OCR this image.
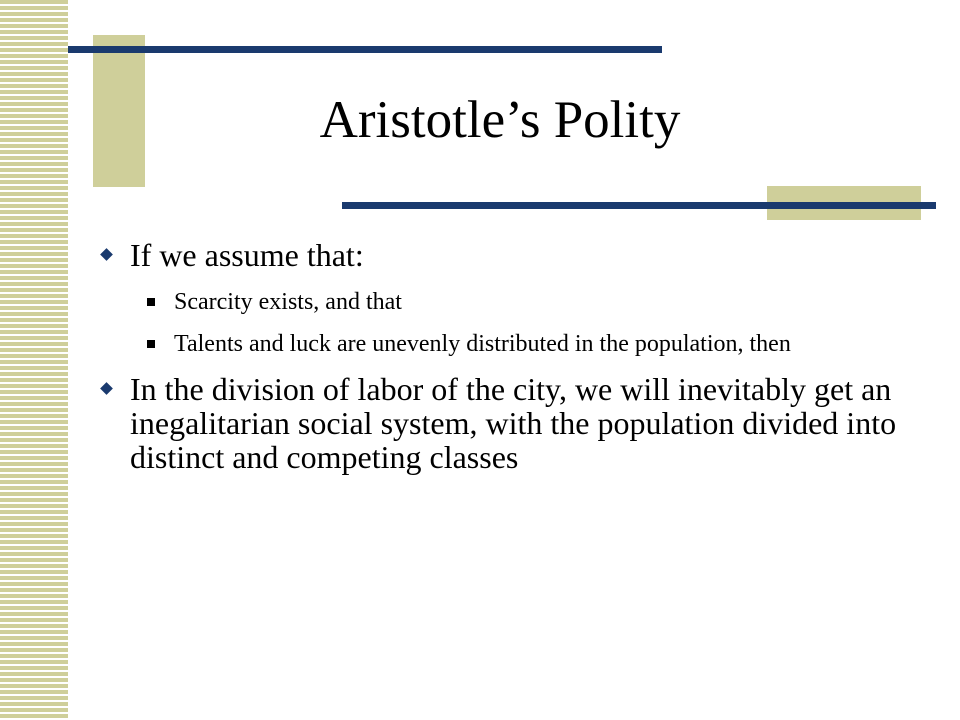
Aristotle’s Polity
If we assume that:
Scarcity exists, and that
Talents and luck are unevenly distributed in the population, then
In the division of labor of the city, we will inevitably get an inegalitarian social system, with the population divided into distinct and competing classes
